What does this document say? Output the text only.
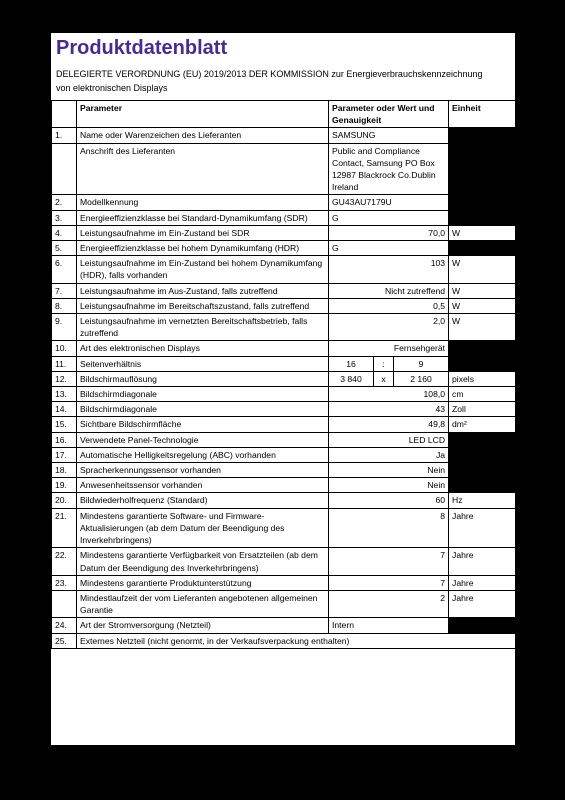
Produktdatenblatt
DELEGIERTE VERORDNUNG (EU) 2019/2013 DER KOMMISSION zur Energieverbrauchskennzeichnung von elektronischen Displays
	Parameter	Parameter oder Wert und Genauigkeit			Einheit
1.	Name oder Warenzeichen des Lieferanten	SAMSUNG			
	Anschrift des Lieferanten	Public and Compliance Contact, Samsung PO Box 12987 Blackrock Co.Dublin Ireland			
2.	Modellkennung	GU43AU7179U			
3.	Energieeffizienzklasse bei Standard-Dynamikumfang (SDR)	G			
4.	Leistungsaufnahme im Ein-Zustand bei SDR	70,0			W
5.	Energieeffizienzklasse bei hohem Dynamikumfang (HDR)	G			
6.	Leistungsaufnahme im Ein-Zustand bei hohem Dynamikumfang (HDR), falls vorhanden	103			W
7.	Leistungsaufnahme im Aus-Zustand, falls zutreffend	Nicht zutreffend			W
8.	Leistungsaufnahme im Bereitschaftszustand, falls zutreffend	0,5			W
9.	Leistungsaufnahme im vernetzten Bereitschaftsbetrieb, falls zutreffend	2,0			W
10.	Art des elektronischen Displays	Fernsehgerät			
11.	Seitenverhältnis	16	:	9	
12.	Bildschirmauflösung	3 840	x	2 160	pixels
13.	Bildschirmdiagonale	108,0			cm
14.	Bildschirmdiagonale	43			Zoll
15.	Sichtbare Bildschirmfläche	49,8			dm²
16.	Verwendete Panel-Technologie	LED LCD			
17.	Automatische Helligkeitsregelung (ABC) vorhanden	Ja			
18.	Spracherkennungssensor vorhanden	Nein			
19.	Anwesenheitssensor vorhanden	Nein			
20.	Bildwiederholfrequenz (Standard)	60			Hz
21.	Mindestens garantierte Software- und Firmware-Aktualisierungen (ab dem Datum der Beendigung des Inverkehrbringens)	8			Jahre
22.	Mindestens garantierte Verfügbarkeit von Ersatzteilen (ab dem Datum der Beendigung des Inverkehrbringens)	7			Jahre
23.	Mindestens garantierte Produktunterstützung	7			Jahre
	Mindestlaufzeit der vom Lieferanten angebotenen allgemeinen Garantie	2			Jahre
24.	Art der Stromversorgung (Netzteil)	Intern			
25.	Externes Netzteil (nicht genormt, in der Verkaufsverpackung enthalten)				
